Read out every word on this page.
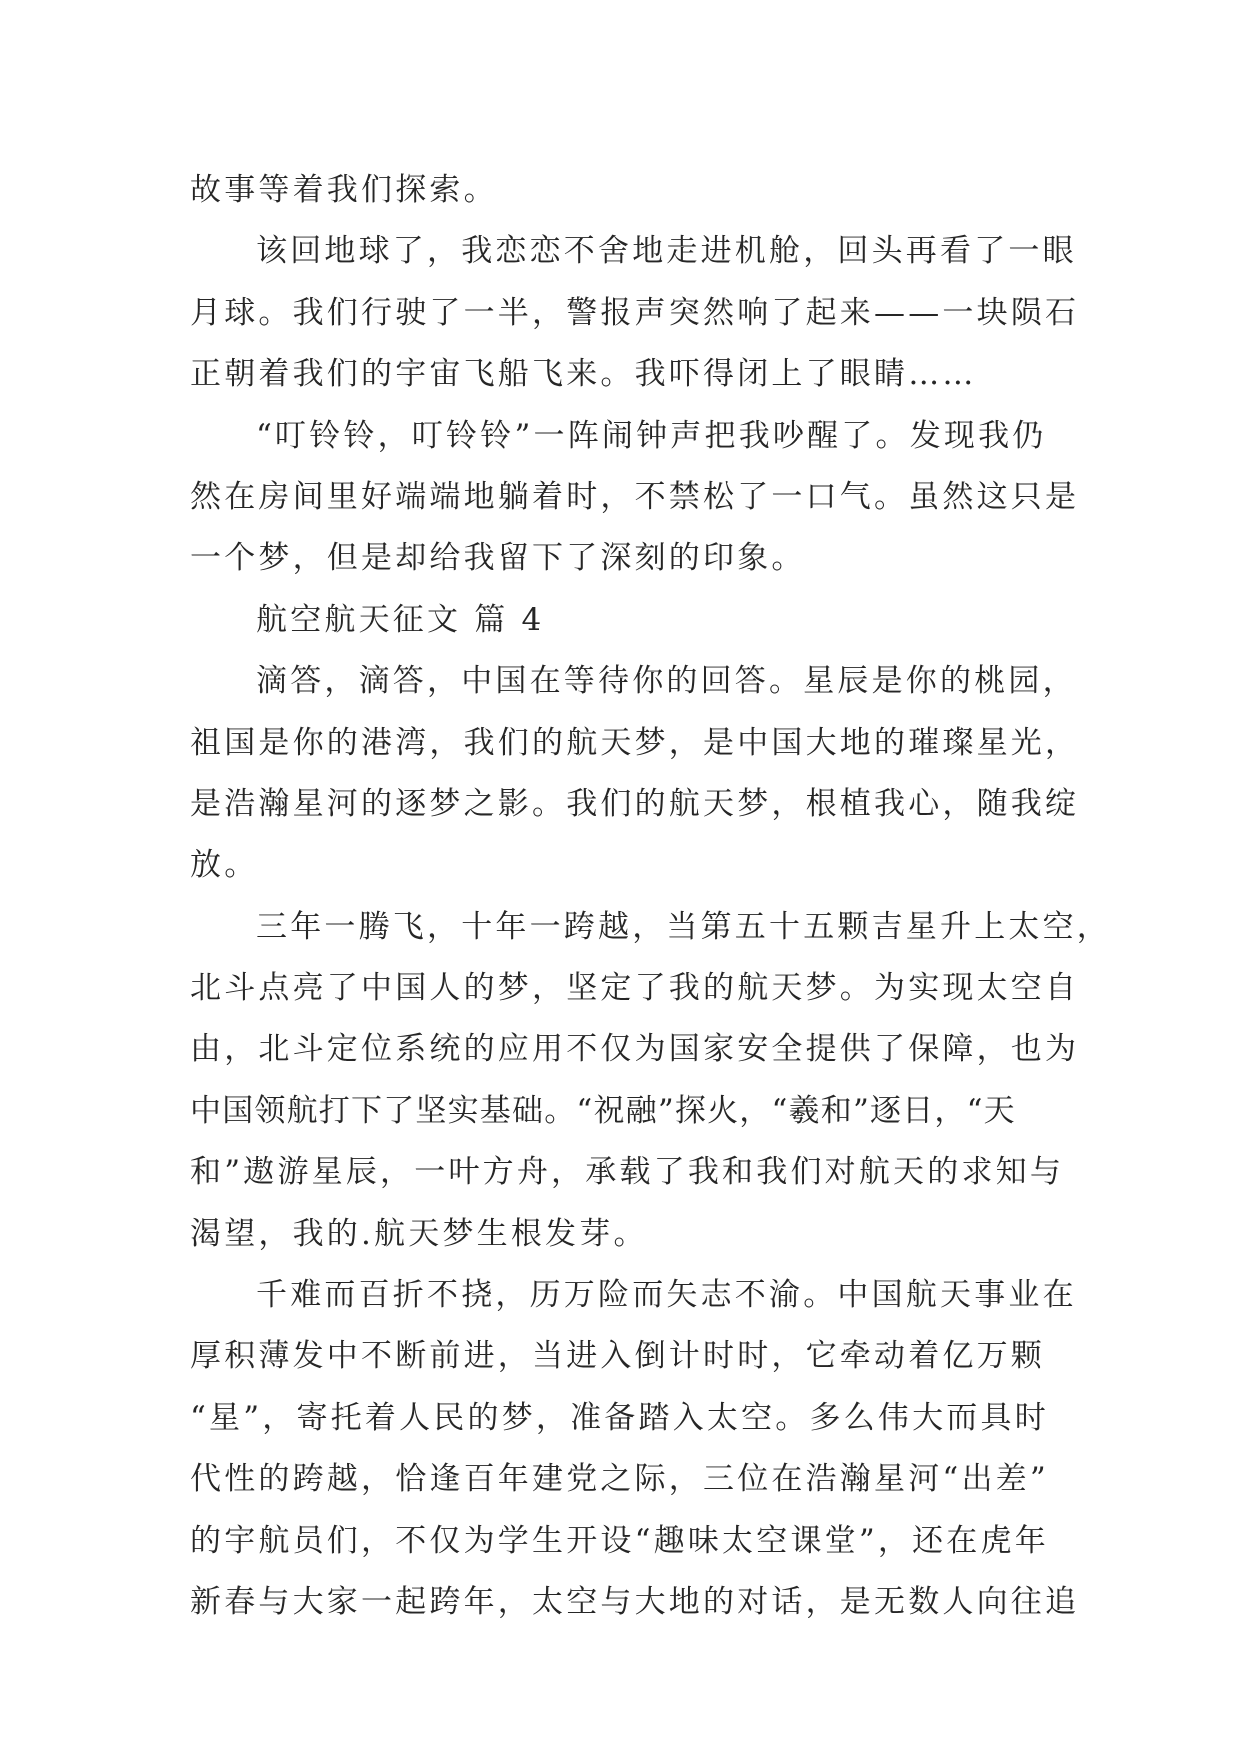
故事等着我们探索。
该回地球了，我恋恋不舍地走进机舱，回头再看了一眼
月球。我们行驶了一半，警报声突然响了起来——一块陨石
正朝着我们的宇宙飞船飞来。我吓得闭上了眼睛……
“叮铃铃，叮铃铃”一阵闹钟声把我吵醒了。发现我仍
然在房间里好端端地躺着时，不禁松了一口气。虽然这只是
一个梦，但是却给我留下了深刻的印象。
航空航天征文 篇 4
滴答，滴答，中国在等待你的回答。星辰是你的桃园，
祖国是你的港湾，我们的航天梦，是中国大地的璀璨星光，
是浩瀚星河的逐梦之影。我们的航天梦，根植我心，随我绽
放。
三年一腾飞，十年一跨越，当第五十五颗吉星升上太空，
北斗点亮了中国人的梦，坚定了我的航天梦。为实现太空自
由，北斗定位系统的应用不仅为国家安全提供了保障，也为
中国领航打下了坚实基础。“祝融”探火，“羲和”逐日，“天
和”遨游星辰，一叶方舟，承载了我和我们对航天的求知与
渴望，我的.航天梦生根发芽。
千难而百折不挠，历万险而矢志不渝。中国航天事业在
厚积薄发中不断前进，当进入倒计时时，它牵动着亿万颗
“星”，寄托着人民的梦，准备踏入太空。多么伟大而具时
代性的跨越，恰逢百年建党之际，三位在浩瀚星河“出差”
的宇航员们，不仅为学生开设“趣味太空课堂”，还在虎年
新春与大家一起跨年，太空与大地的对话，是无数人向往追
